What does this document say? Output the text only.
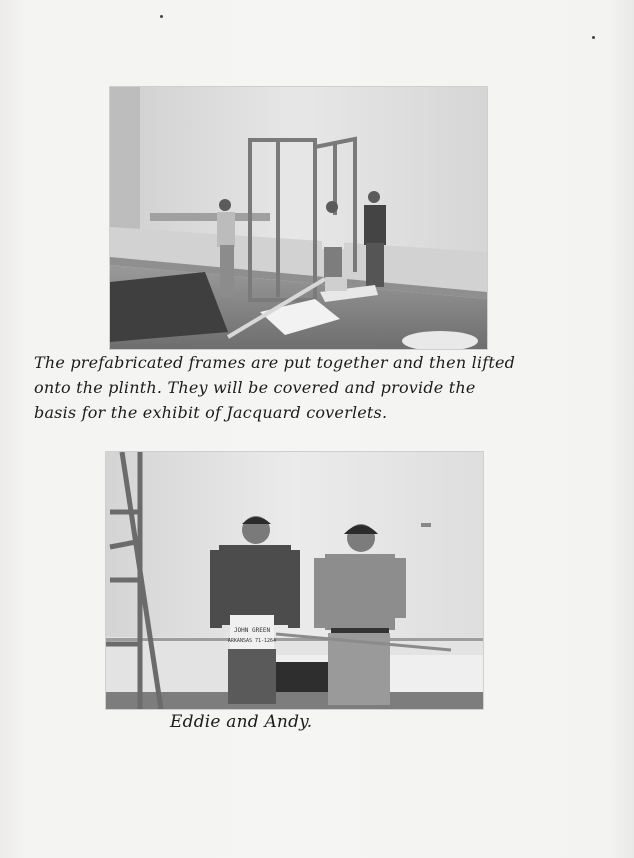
The prefabricated frames are put together and then lifted
onto the plinth. They will be covered and provide the
basis for the exhibit of Jacquard coverlets.

JOHN GREEN
ARKANSAS 71-1264

Eddie and Andy.
